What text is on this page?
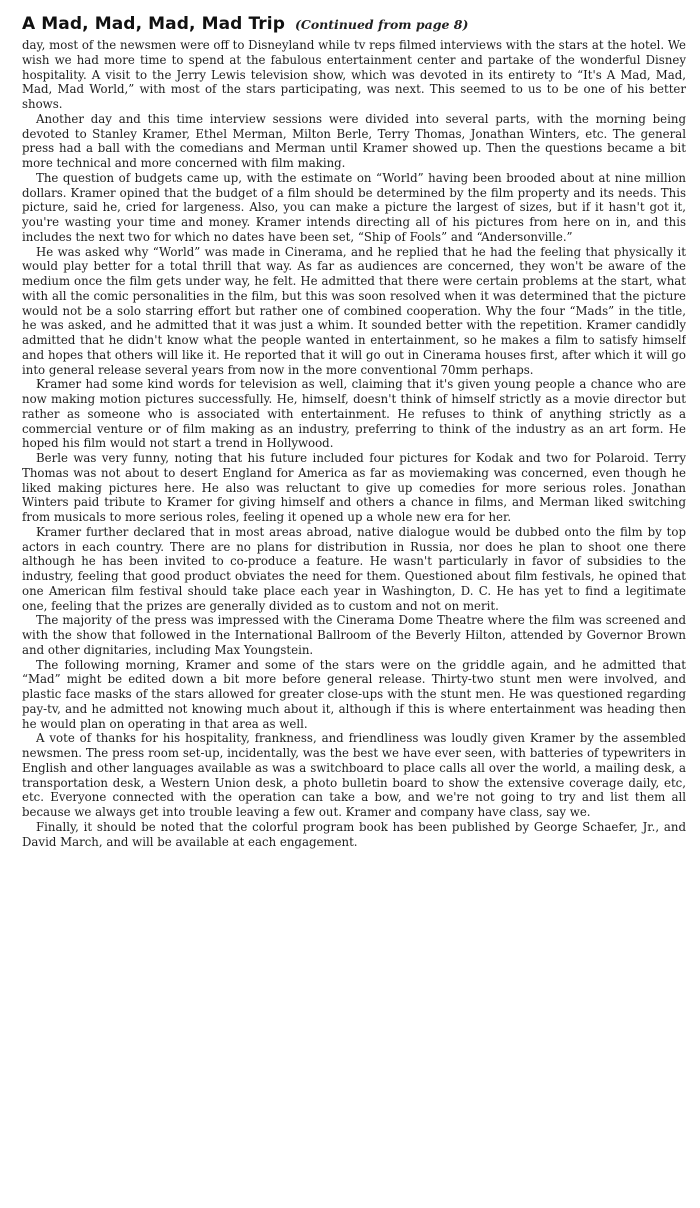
A Mad, Mad, Mad, Mad Trip (Continued from page 8)

day, most of the newsmen were off to Disneyland while tv reps filmed interviews with the stars at the hotel. We wish we had more time to spend at the fabulous entertainment center and partake of the wonderful Disney hospitality. A visit to the Jerry Lewis television show, which was devoted in its entirety to “It's A Mad, Mad, Mad, Mad World,” with most of the stars participating, was next. This seemed to us to be one of his better shows.

Another day and this time interview sessions were divided into several parts, with the morning being devoted to Stanley Kramer, Ethel Merman, Milton Berle, Terry Thomas, Jonathan Winters, etc. The general press had a ball with the comedians and Merman until Kramer showed up. Then the questions became a bit more technical and more concerned with film making.

The question of budgets came up, with the estimate on “World” having been brooded about at nine million dollars. Kramer opined that the budget of a film should be determined by the film property and its needs. This picture, said he, cried for largeness. Also, you can make a picture the largest of sizes, but if it hasn't got it, you're wasting your time and money. Kramer intends directing all of his pictures from here on in, and this includes the next two for which no dates have been set, “Ship of Fools” and “Andersonville.”

He was asked why “World” was made in Cinerama, and he replied that he had the feeling that physically it would play better for a total thrill that way. As far as audiences are concerned, they won't be aware of the medium once the film gets under way, he felt. He admitted that there were certain problems at the start, what with all the comic personalities in the film, but this was soon resolved when it was determined that the picture would not be a solo starring effort but rather one of combined cooperation. Why the four “Mads” in the title, he was asked, and he admitted that it was just a whim. It sounded better with the repetition. Kramer candidly admitted that he didn't know what the people wanted in entertainment, so he makes a film to satisfy himself and hopes that others will like it. He reported that it will go out in Cinerama houses first, after which it will go into general release several years from now in the more conventional 70mm perhaps.

Kramer had some kind words for television as well, claiming that it's given young people a chance who are now making motion pictures successfully. He, himself, doesn't think of himself strictly as a movie director but rather as someone who is associated with entertainment. He refuses to think of anything strictly as a commercial venture or of film making as an industry, preferring to think of the industry as an art form. He hoped his film would not start a trend in Hollywood.

Berle was very funny, noting that his future included four pictures for Kodak and two for Polaroid. Terry Thomas was not about to desert England for America as far as moviemaking was concerned, even though he liked making pictures here. He also was reluctant to give up comedies for more serious roles. Jonathan Winters paid tribute to Kramer for giving himself and others a chance in films, and Merman liked switching from musicals to more serious roles, feeling it opened up a whole new era for her.

Kramer further declared that in most areas abroad, native dialogue would be dubbed onto the film by top actors in each country. There are no plans for distribution in Russia, nor does he plan to shoot one there although he has been invited to co-produce a feature. He wasn't particularly in favor of subsidies to the industry, feeling that good product obviates the need for them. Questioned about film festivals, he opined that one American film festival should take place each year in Washington, D. C. He has yet to find a legitimate one, feeling that the prizes are generally divided as to custom and not on merit.

The majority of the press was impressed with the Cinerama Dome Theatre where the film was screened and with the show that followed in the International Ballroom of the Beverly Hilton, attended by Governor Brown and other dignitaries, including Max Youngstein.

The following morning, Kramer and some of the stars were on the griddle again, and he admitted that “Mad” might be edited down a bit more before general release. Thirty-two stunt men were involved, and plastic face masks of the stars allowed for greater close-ups with the stunt men. He was questioned regarding pay-tv, and he admitted not knowing much about it, although if this is where entertainment was heading then he would plan on operating in that area as well.

A vote of thanks for his hospitality, frankness, and friendliness was loudly given Kramer by the assembled newsmen. The press room set-up, incidentally, was the best we have ever seen, with batteries of typewriters in English and other languages available as was a switchboard to place calls all over the world, a mailing desk, a transportation desk, a Western Union desk, a photo bulletin board to show the extensive coverage daily, etc, etc. Everyone connected with the operation can take a bow, and we're not going to try and list them all because we always get into trouble leaving a few out. Kramer and company have class, say we.

Finally, it should be noted that the colorful program book has been published by George Schaefer, Jr., and David March, and will be available at each engagement.
